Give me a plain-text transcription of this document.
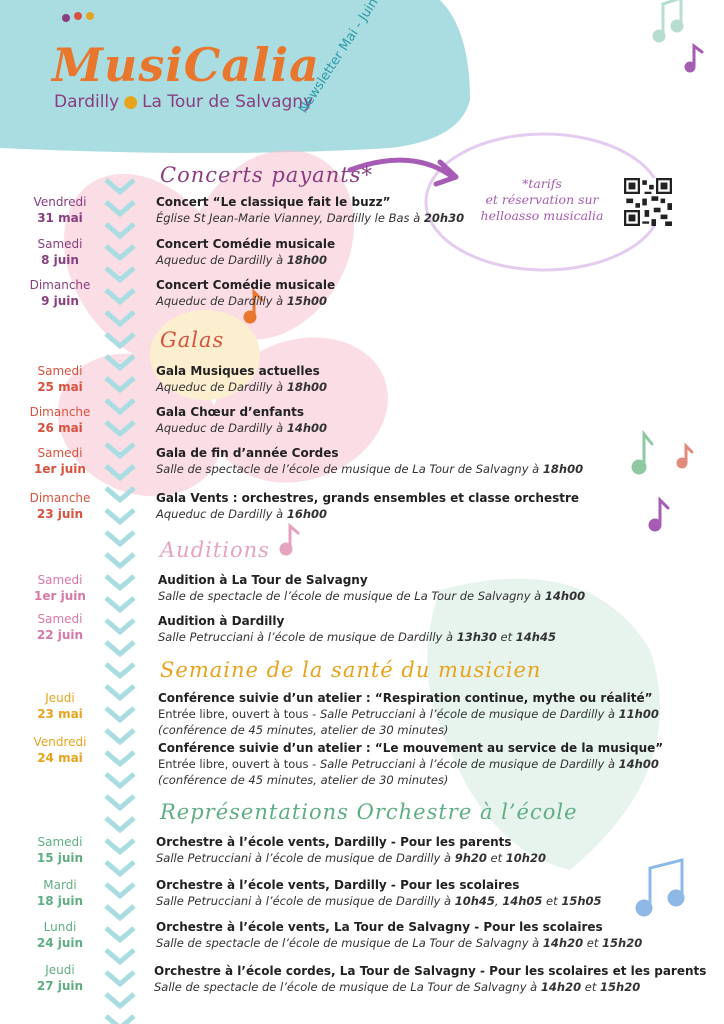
MusiCalia
Dardilly ● La Tour de Salvagny
*tarifs
et réservation sur
helloasso musicalia
Concerts payants*
Vendredi
31 mai
Concert “Le classique fait le buzz”
Église St Jean-Marie Vianney, Dardilly le Bas à 20h30
Samedi
8 juin
Concert Comédie musicale
Aqueduc de Dardilly à 18h00
Dimanche
9 juin
Concert Comédie musicale
Aqueduc de Dardilly à 15h00
Galas
Samedi
25 mai
Gala Musiques actuelles
Aqueduc de Dardilly à 18h00
Dimanche
26 mai
Gala Chœur d’enfants
Aqueduc de Dardilly à 14h00
Samedi
1er juin
Gala de fin d’année Cordes
Salle de spectacle de l’école de musique de La Tour de Salvagny à 18h00
Dimanche
23 juin
Gala Vents : orchestres, grands ensembles et classe orchestre
Aqueduc de Dardilly à 16h00
Auditions
Samedi
1er juin
Audition à La Tour de Salvagny
Salle de spectacle de l’école de musique de La Tour de Salvagny à 14h00
Samedi
22 juin
Audition à Dardilly
Salle Petrucciani à l’école de musique de Dardilly à 13h30 et 14h45
Semaine de la santé du musicien
Jeudi
23 mai
Conférence suivie d’un atelier : “Respiration continue, mythe ou réalité”
Entrée libre, ouvert à tous - Salle Petrucciani à l’école de musique de Dardilly à 11h00
(conférence de 45 minutes, atelier de 30 minutes)
Vendredi
24 mai
Conférence suivie d’un atelier : “Le mouvement au service de la musique”
Entrée libre, ouvert à tous - Salle Petrucciani à l’école de musique de Dardilly à 14h00
(conférence de 45 minutes, atelier de 30 minutes)
Représentations Orchestre à l’école
Samedi
15 juin
Orchestre à l’école vents, Dardilly - Pour les parents
Salle Petrucciani à l’école de musique de Dardilly à 9h20 et 10h20
Mardi
18 juin
Orchestre à l’école vents, Dardilly - Pour les scolaires
Salle Petrucciani à l’école de musique de Dardilly à 10h45, 14h05 et 15h05
Lundi
24 juin
Orchestre à l’école vents, La Tour de Salvagny - Pour les scolaires
Salle de spectacle de l’école de musique de La Tour de Salvagny à 14h20 et 15h20
Jeudi
27 juin
Orchestre à l’école cordes, La Tour de Salvagny - Pour les scolaires et les parents
Salle de spectacle de l’école de musique de La Tour de Salvagny à 14h20 et 15h20
